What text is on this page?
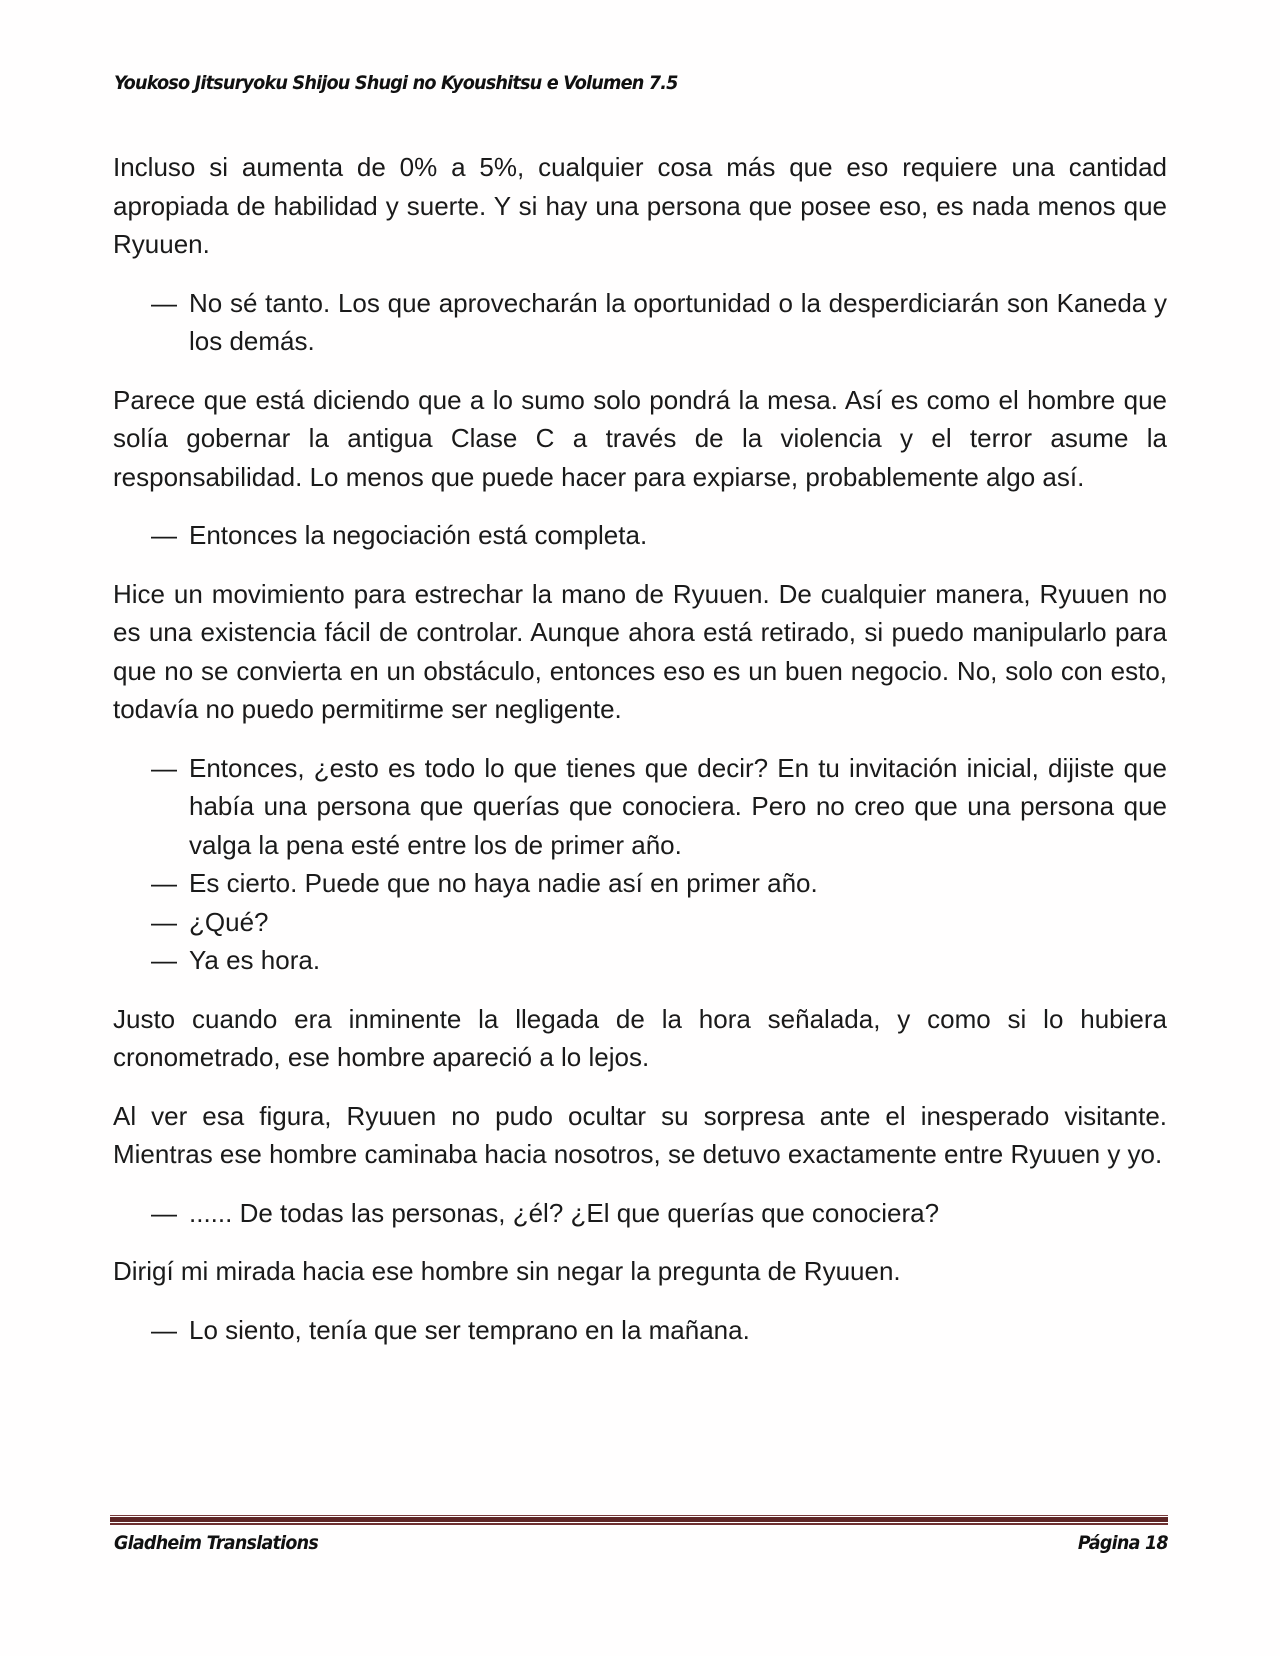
Youkoso Jitsuryoku Shijou Shugi no Kyoushitsu e Volumen 7.5

Incluso si aumenta de 0% a 5%, cualquier cosa más que eso requiere una cantidad apropiada de habilidad y suerte. Y si hay una persona que posee eso, es nada menos que Ryuuen.

— No sé tanto. Los que aprovecharán la oportunidad o la desperdiciarán son Kaneda y los demás.

Parece que está diciendo que a lo sumo solo pondrá la mesa. Así es como el hombre que solía gobernar la antigua Clase C a través de la violencia y el terror asume la responsabilidad. Lo menos que puede hacer para expiarse, probablemente algo así.

— Entonces la negociación está completa.

Hice un movimiento para estrechar la mano de Ryuuen. De cualquier manera, Ryuuen no es una existencia fácil de controlar. Aunque ahora está retirado, si puedo manipularlo para que no se convierta en un obstáculo, entonces eso es un buen negocio. No, solo con esto, todavía no puedo permitirme ser negligente.

— Entonces, ¿esto es todo lo que tienes que decir? En tu invitación inicial, dijiste que había una persona que querías que conociera. Pero no creo que una persona que valga la pena esté entre los de primer año.

— Es cierto. Puede que no haya nadie así en primer año.

— ¿Qué?

— Ya es hora.

Justo cuando era inminente la llegada de la hora señalada, y como si lo hubiera cronometrado, ese hombre apareció a lo lejos.

Al ver esa figura, Ryuuen no pudo ocultar su sorpresa ante el inesperado visitante. Mientras ese hombre caminaba hacia nosotros, se detuvo exactamente entre Ryuuen y yo.

— ...... De todas las personas, ¿él? ¿El que querías que conociera?

Dirigí mi mirada hacia ese hombre sin negar la pregunta de Ryuuen.

— Lo siento, tenía que ser temprano en la mañana.

Gladheim Translations	Página 18
